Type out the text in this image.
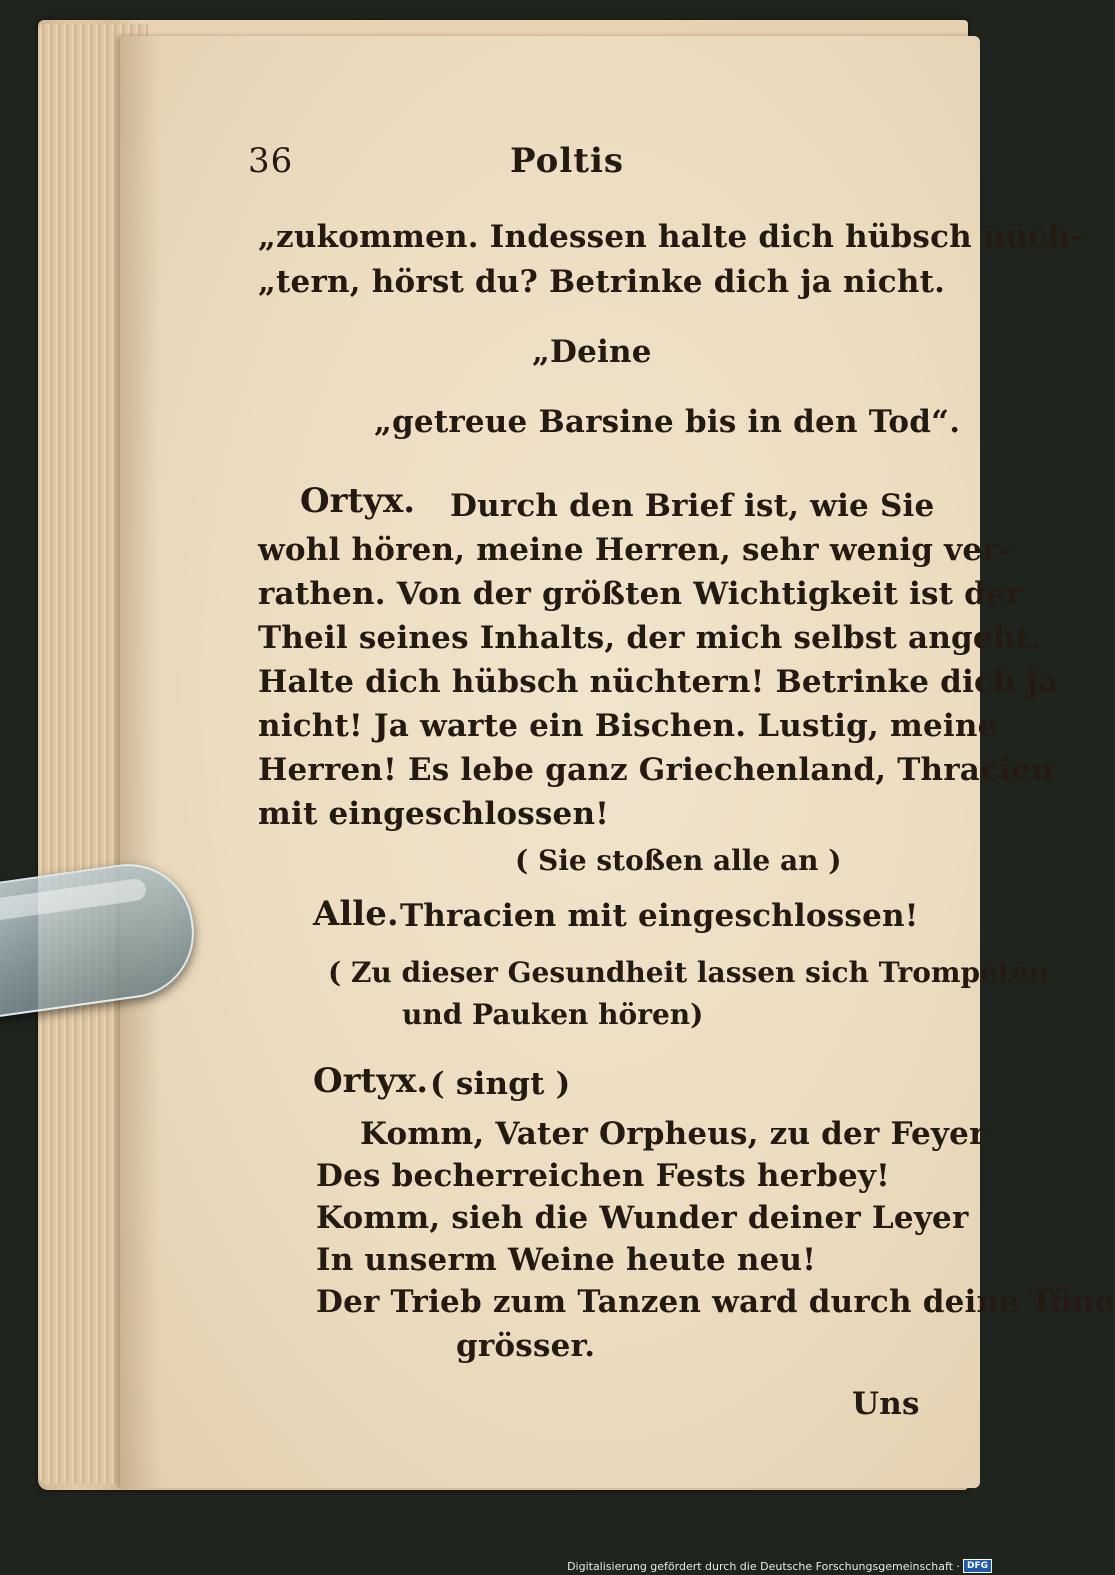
36	Poltis

„zukommen. Indessen halte dich hübsch nüch-

„tern, hörst du? Betrinke dich ja nicht.

„Deine

„getreue Barsine bis in den Tod“.

Ortyx. Durch den Brief ist, wie Sie

wohl hören, meine Herren, sehr wenig ver-

rathen. Von der größten Wichtigkeit ist der

Theil seines Inhalts, der mich selbst angeht.

Halte dich hübsch nüchtern! Betrinke dich ja

nicht! Ja warte ein Bischen. Lustig, meine

Herren! Es lebe ganz Griechenland, Thracien

mit eingeschlossen!

( Sie stoßen alle an )

Alle. Thracien mit eingeschlossen!

( Zu dieser Gesundheit lassen sich Trompeten

und Pauken hören)

Ortyx. ( singt )

Komm, Vater Orpheus, zu der Feyer

Des becherreichen Fests herbey!

Komm, sieh die Wunder deiner Leyer

In unserm Weine heute neu!

Der Trieb zum Tanzen ward durch deine Töne

grösser.

Uns

Digitalisierung gefördert durch die Deutsche Forschungsgemeinschaft · DFG
